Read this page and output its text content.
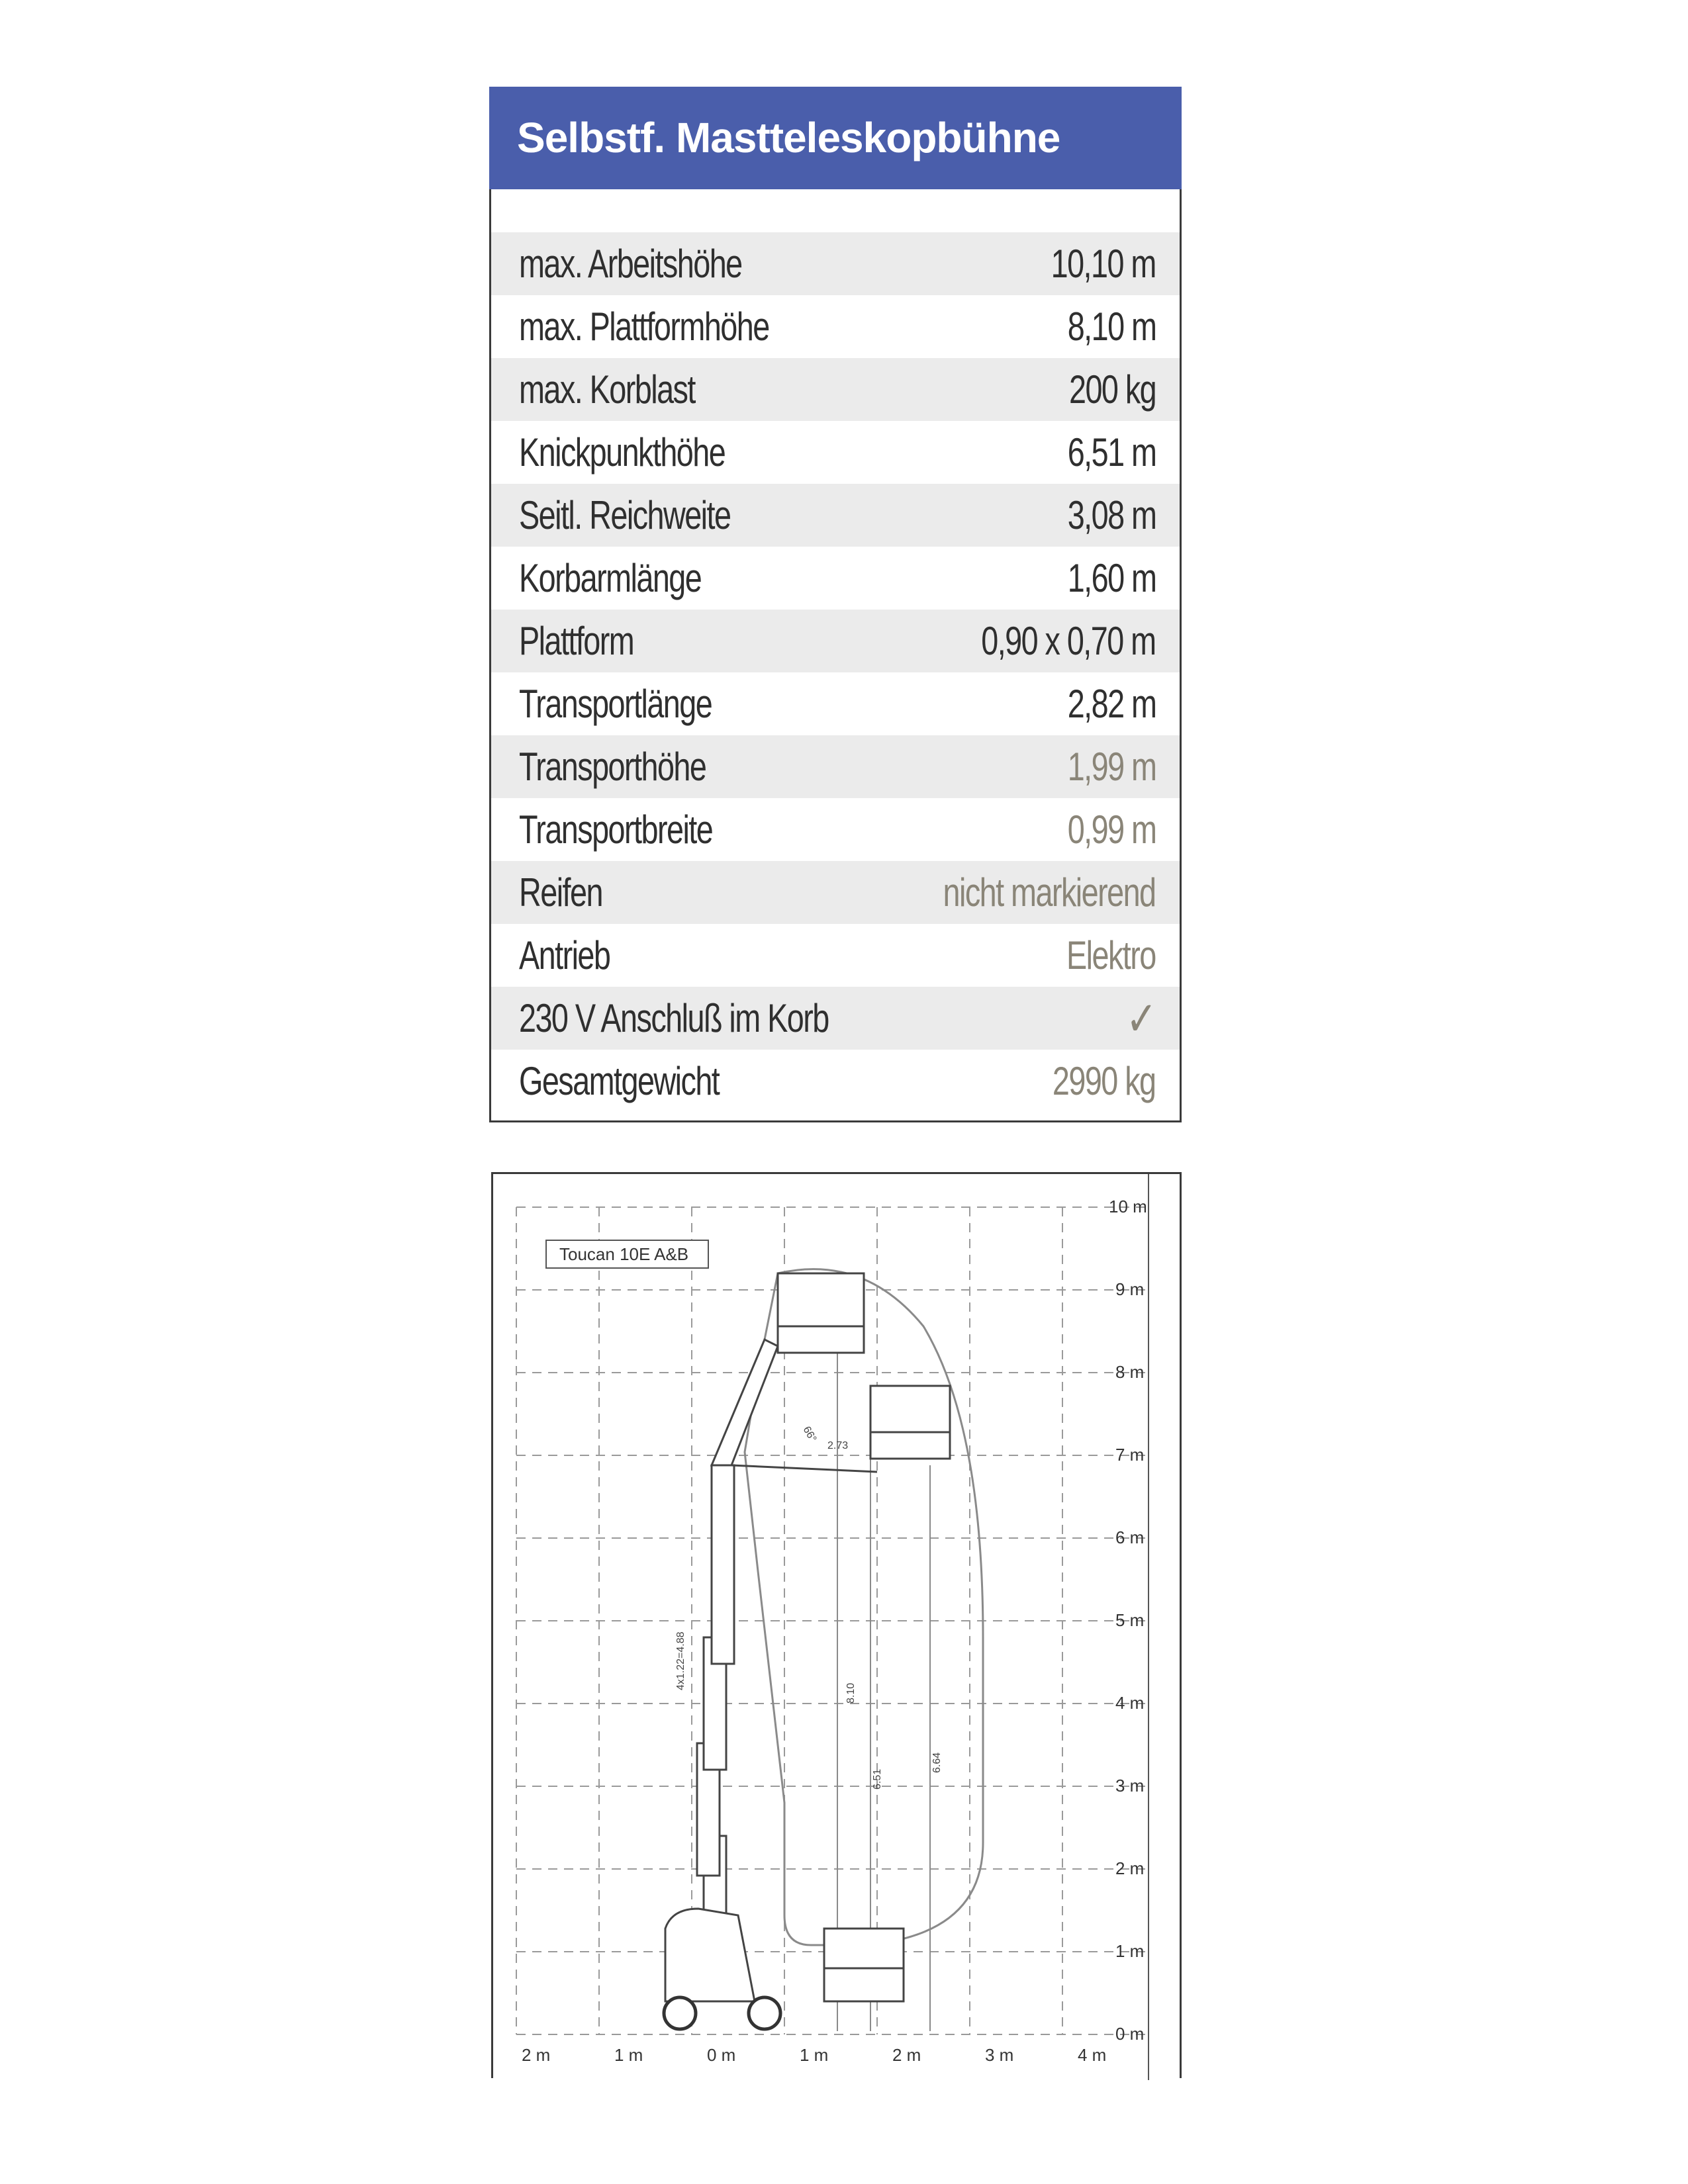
Selbstf. Mastteleskopbühne
max. Arbeitshöhe	10,10 m
max. Plattformhöhe	8,10 m
max. Korblast	200 kg
Knickpunkthöhe	6,51 m
Seitl. Reichweite	3,08 m
Korbarmlänge	1,60 m
Plattform	0,90 x 0,70 m
Transportlänge	2,82 m
Transporthöhe	1,99 m
Transportbreite	0,99 m
Reifen	nicht markierend
Antrieb	Elektro
230 V Anschluß im Korb	✓
Gesamtgewicht	2990 kg
10 m
9 m
8 m
7 m
6 m
5 m
4 m
3 m
2 m
1 m
0 m
Toucan 10E A&B
8.10
6.51
6.64
4x1.22=4.88
66°
2.73
2 m	1 m	0 m	1 m	2 m	3 m	4 m
